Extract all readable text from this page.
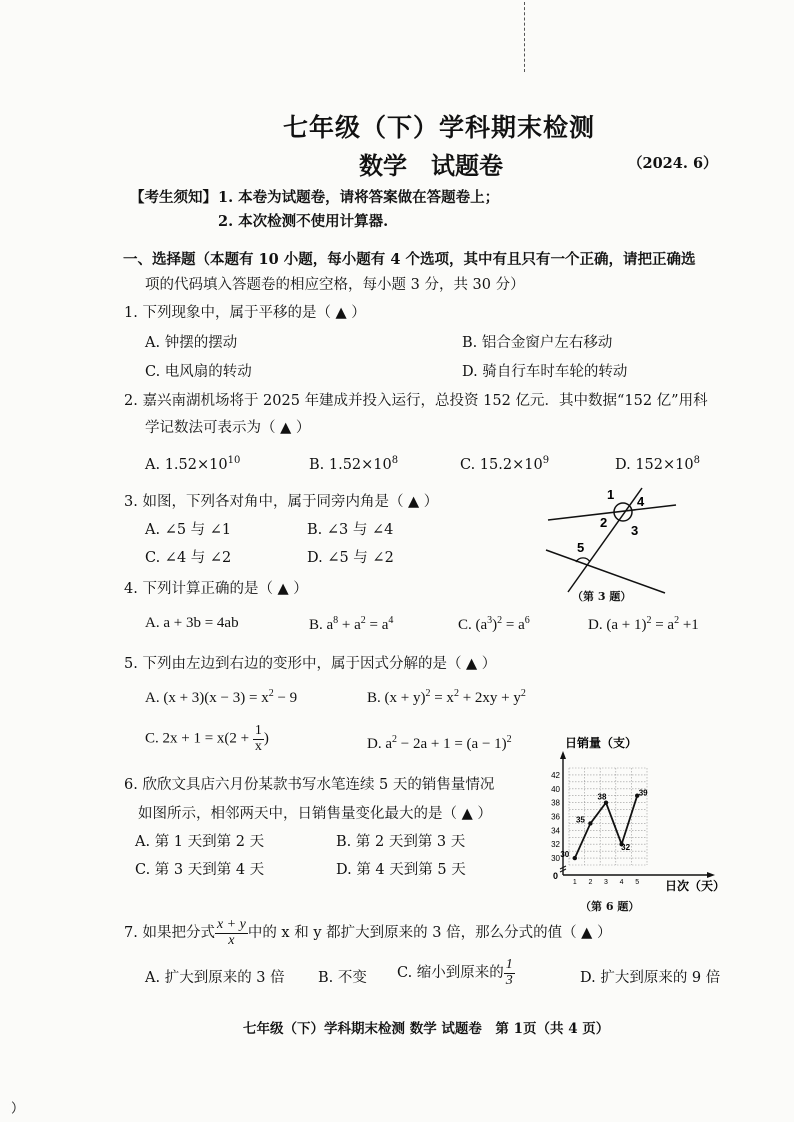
七年级（下）学科期末检测
数学　试题卷	（2024. 6）
【考生须知】 1. 本卷为试题卷，请将答案做在答题卷上；
2. 本次检测不使用计算器.
一、选择题（本题有 10 小题，每小题有 4 个选项，其中有且只有一个正确，请把正确选
项的代码填入答题卷的相应空格，每小题 3 分，共 30 分）
1. 下列现象中，属于平移的是（ ▲ ）
A. 钟摆的摆动	B. 铝合金窗户左右移动
C. 电风扇的转动	D. 骑自行车时车轮的转动
2. 嘉兴南湖机场将于 2025 年建成并投入运行，总投资 152 亿元．其中数据“152 亿”用科
学记数法可表示为（ ▲ ）
A. $1.52\times 10^{10}$	B. $1.52\times 10^8$	C. $15.2\times 10^9$	D. $152\times 10^8$
3. 如图，下列各对角中，属于同旁内角是（ ▲ ）
A. ∠5 与 ∠1	B. ∠3 与 ∠4
C. ∠4 与 ∠2	D. ∠5 与 ∠2
1 4
2
3
5
（第 3 题）
4. 下列计算正确的是（ ▲ ）
A. a + 3b = 4ab	B. $a^8 + a^2 = a^4$	C. $(a^3)^2 = a^6$	D. $(a + 1)^2 = a^2 +1$
5. 下列由左边到右边的变形中，属于因式分解的是（ ▲ ）
A. $(x + 3)(x - 3) = x^2 - 9$	B. $(x + y)^2 = x^2 + 2xy + y^2$
C. $2x + 1 = x(2 + \frac{1}{x}$ )	D. $a^2 - 2a + 1 = (a - 1)^2$
6. 欣欣文具店六月份某款书写水笔连续 5 天的销售量情况
如图所示，相邻两天中，日销售量变化最大的是（ ▲ ）
A. 第 1 天到第 2 天	B. 第 2 天到第 3 天
C. 第 3 天到第 4 天	D. 第 4 天到第 5 天
日销量（支）
日次（天）
0
30
32
34
36
38
40
42
1 2 3 4 5
30
35
38
32
39
（第 6 题）
7. 如果把分式 $\frac{x + y}{x}$ 中的 x 和 y 都扩大到原来的 3 倍，那么分式的值（ ▲ ）
A. 扩大到原来的 3 倍 B. 不变 C. 缩小到原来的 $\frac{1}{3}$	D. 扩大到原来的 9 倍
七年级（下）学科期末检测 数学 试题卷　第 1页（共 4 页）
